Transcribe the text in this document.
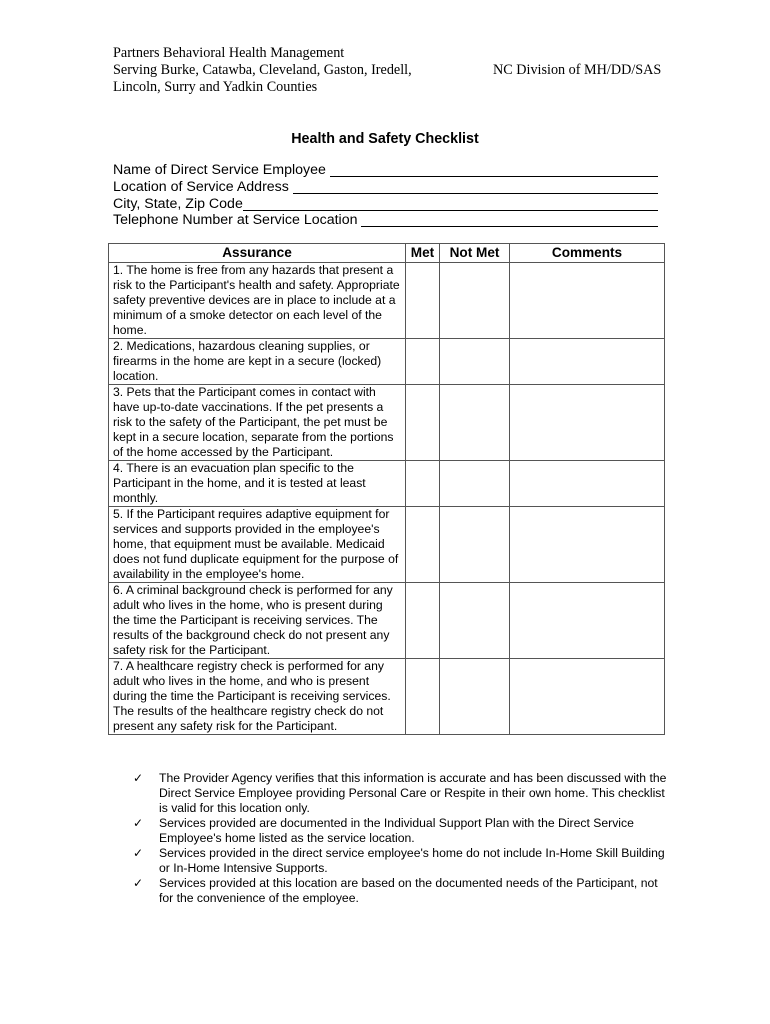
Partners Behavioral Health Management
Serving Burke, Catawba, Cleveland, Gaston, Iredell,
Lincoln, Surry and Yadkin Counties
NC Division of MH/DD/SAS
Health and Safety Checklist
Name of Direct Service Employee
Location of Service Address
City, State, Zip Code
Telephone Number at Service Location
Assurance	Met	Not Met	Comments
1. The home is free from any hazards that present a risk to the Participant's health and safety. Appropriate safety preventive devices are in place to include at a minimum of a smoke detector on each level of the home.			
2. Medications, hazardous cleaning supplies, or firearms in the home are kept in a secure (locked) location.			
3. Pets that the Participant comes in contact with have up-to-date vaccinations. If the pet presents a risk to the safety of the Participant, the pet must be kept in a secure location, separate from the portions of the home accessed by the Participant.			
4. There is an evacuation plan specific to the Participant in the home, and it is tested at least monthly.			
5. If the Participant requires adaptive equipment for services and supports provided in the employee's home, that equipment must be available. Medicaid does not fund duplicate equipment for the purpose of availability in the employee's home.			
6. A criminal background check is performed for any adult who lives in the home, who is present during the time the Participant is receiving services. The results of the background check do not present any safety risk for the Participant.			
7. A healthcare registry check is performed for any adult who lives in the home, and who is present during the time the Participant is receiving services. The results of the healthcare registry check do not present any safety risk for the Participant.			
✓	The Provider Agency verifies that this information is accurate and has been discussed with the Direct Service Employee providing Personal Care or Respite in their own home. This checklist is valid for this location only.
✓	Services provided are documented in the Individual Support Plan with the Direct Service Employee's home listed as the service location.
✓	Services provided in the direct service employee's home do not include In-Home Skill Building or In-Home Intensive Supports.
✓	Services provided at this location are based on the documented needs of the Participant, not for the convenience of the employee.
